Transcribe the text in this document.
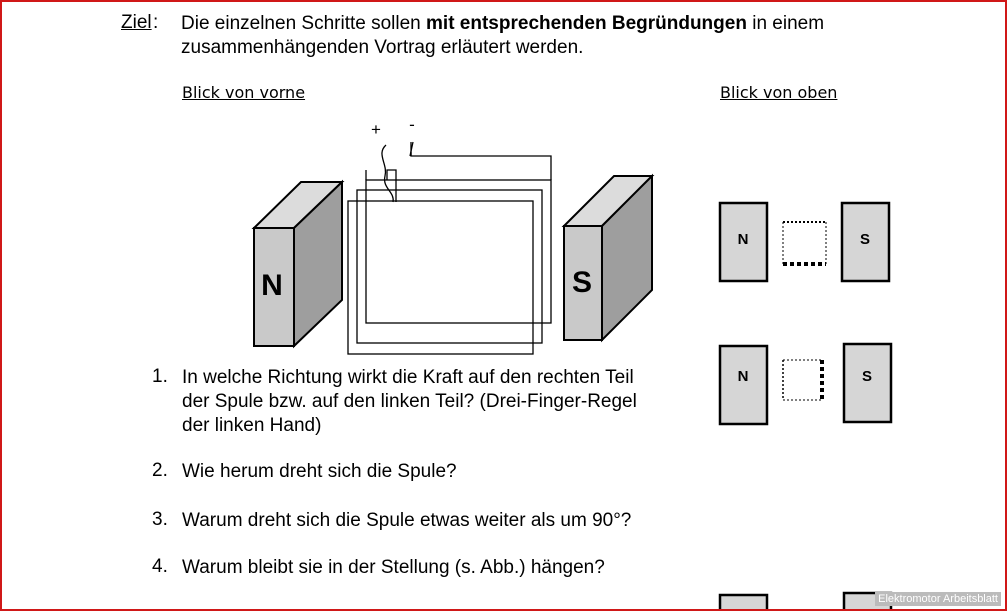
Ziel : Die einzelnen Schritte sollen mit entsprechenden Begründungen in einem
zusammenhängenden Vortrag erläutert werden.
Blick von vorne	Blick von oben
N
+ -
S
N	S
N	S
1. In welche Richtung wirkt die Kraft auf den rechten Teil
der Spule bzw. auf den linken Teil? (Drei-Finger-Regel
der linken Hand)
2. Wie herum dreht sich die Spule?
3. Warum dreht sich die Spule etwas weiter als um 90°?
4. Warum bleibt sie in der Stellung (s. Abb.) hängen?
Elektromotor Arbeitsblatt
